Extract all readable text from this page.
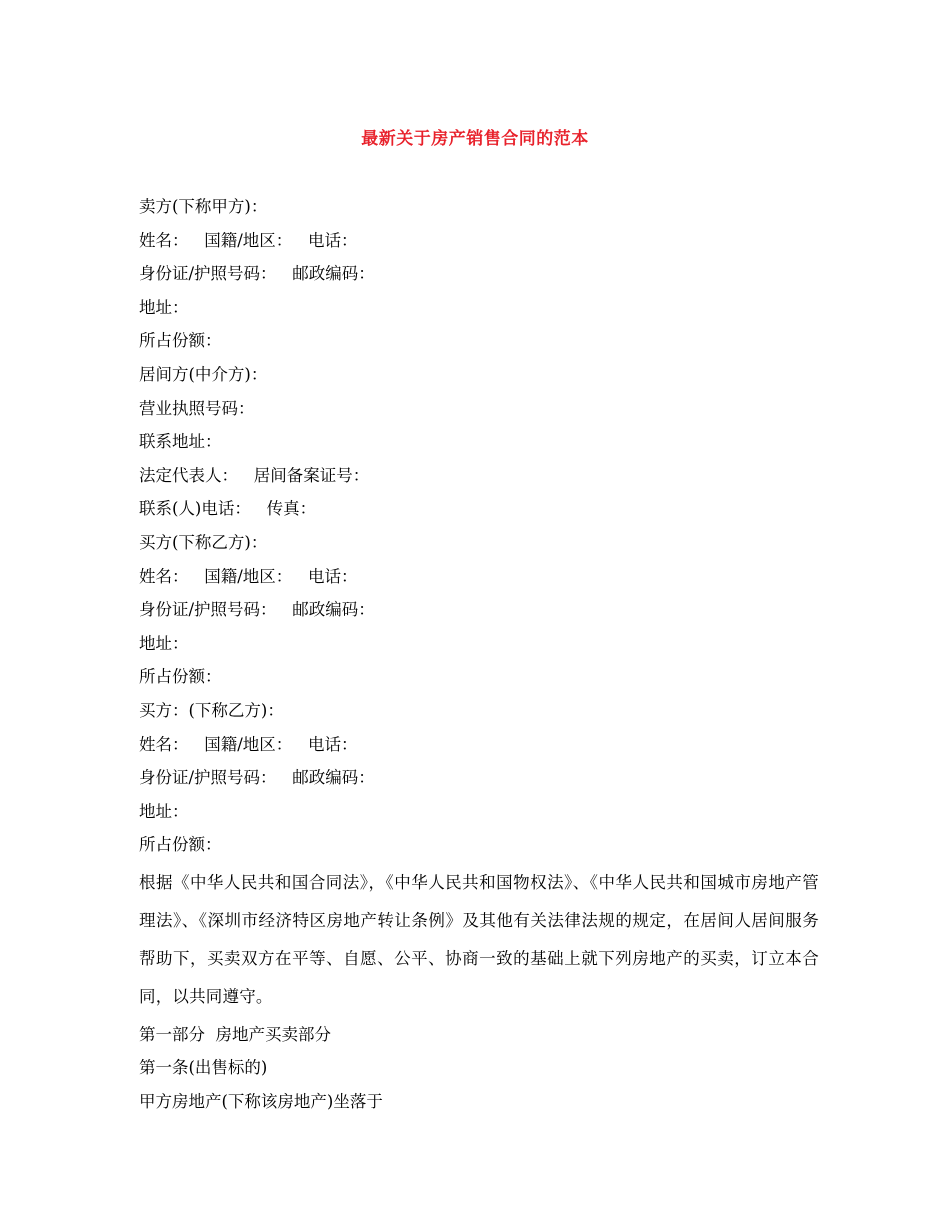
最新关于房产销售合同的范本
卖方(下称甲方)：
姓名：   国籍/地区：   电话：
身份证/护照号码：   邮政编码：
地址：
所占份额：
居间方(中介方)：
营业执照号码：
联系地址：
法定代表人：   居间备案证号：
联系(人)电话：   传真：
买方(下称乙方)：
姓名：   国籍/地区：   电话：
身份证/护照号码：   邮政编码：
地址：
所占份额：
买方：(下称乙方)：
姓名：   国籍/地区：   电话：
身份证/护照号码：   邮政编码：
地址：
所占份额：
根据《中华人民共和国合同法》，《中华人民共和国物权法》、《中华人民共和国城市房地产管理法》、《深圳市经济特区房地产转让条例》及其他有关法律法规的规定，在居间人居间服务帮助下，买卖双方在平等、自愿、公平、协商一致的基础上就下列房地产的买卖，订立本合同，以共同遵守。
第一部分  房地产买卖部分
第一条(出售标的)
甲方房地产(下称该房地产)坐落于
